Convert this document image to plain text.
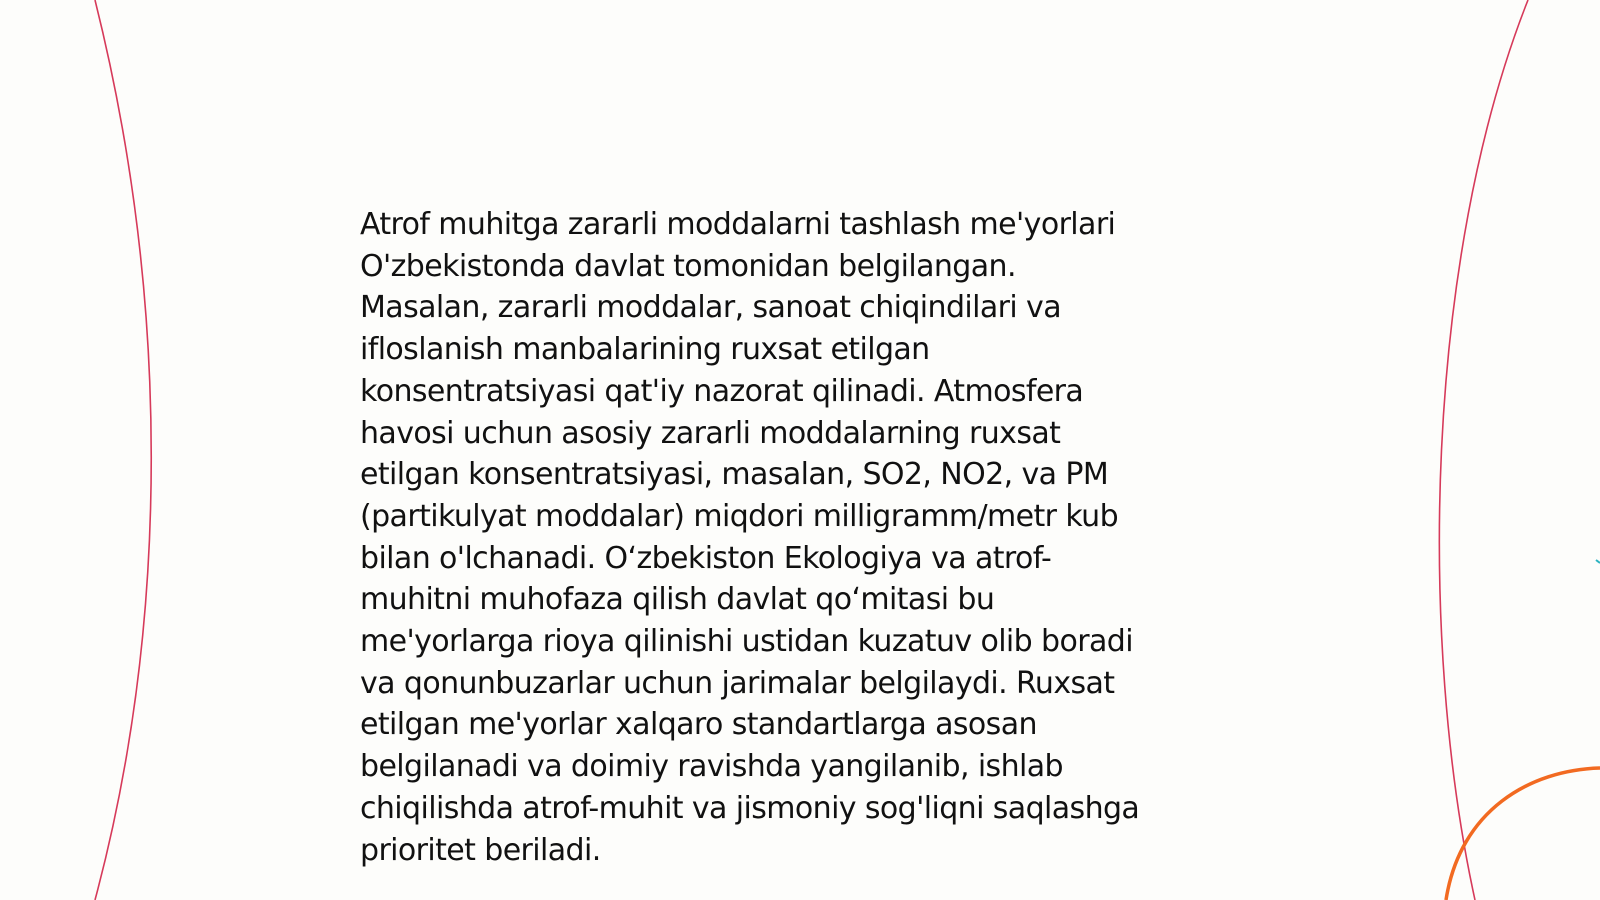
Atrof muhitga zararli moddalarni tashlash me'yorlari
O'zbekistonda davlat tomonidan belgilangan.
Masalan, zararli moddalar, sanoat chiqindilari va
ifloslanish manbalarining ruxsat etilgan
konsentratsiyasi qat'iy nazorat qilinadi. Atmosfera
havosi uchun asosiy zararli moddalarning ruxsat
etilgan konsentratsiyasi, masalan, SO2, NO2, va PM
(partikulyat moddalar) miqdori milligramm/metr kub
bilan o'lchanadi. Oʻzbekiston Ekologiya va atrof-
muhitni muhofaza qilish davlat qoʻmitasi bu
me'yorlarga rioya qilinishi ustidan kuzatuv olib boradi
va qonunbuzarlar uchun jarimalar belgilaydi. Ruxsat
etilgan me'yorlar xalqaro standartlarga asosan
belgilanadi va doimiy ravishda yangilanib, ishlab
chiqilishda atrof-muhit va jismoniy sog'liqni saqlashga
prioritet beriladi.
